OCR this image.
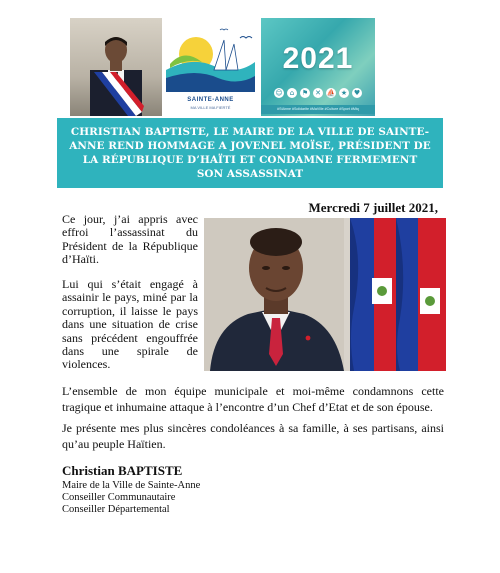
SAINTE-ANNE
MA VILLE MA FIERTÉ
2021
☺	⌂	⚑ ✕ ⛵ ★ ♥
#StAnne #Solidarite #MaVille #Culture #Sport #Mtq
CHRISTIAN BAPTISTE, LE MAIRE DE LA VILLE DE SAINTE-ANNE REND HOMMAGE A JOVENEL MOÏSE, PRÉSIDENT DE LA RÉPUBLIQUE D’HAÏTI ET CONDAMNE FERMEMENT SON ASSASSINAT
Mercredi 7 juillet 2021,

Ce jour, j’ai appris avec effroi l’assassinat du Président de la République d’Haïti.

Lui qui s’était engagé à assainir le pays, miné par la corruption, il laisse le pays dans une situation de crise sans précédent engouffrée dans une spirale de violences.

L’ensemble de mon équipe municipale et moi-même condamnons cette tragique et inhumaine attaque à l’encontre d’un Chef d’Etat et de son épouse.

Je présente mes plus sincères condoléances à sa famille, à ses partisans, ainsi qu’au peuple Haïtien.

Christian BAPTISTE
Maire de la Ville de Sainte-Anne
Conseiller Communautaire
Conseiller Départemental
